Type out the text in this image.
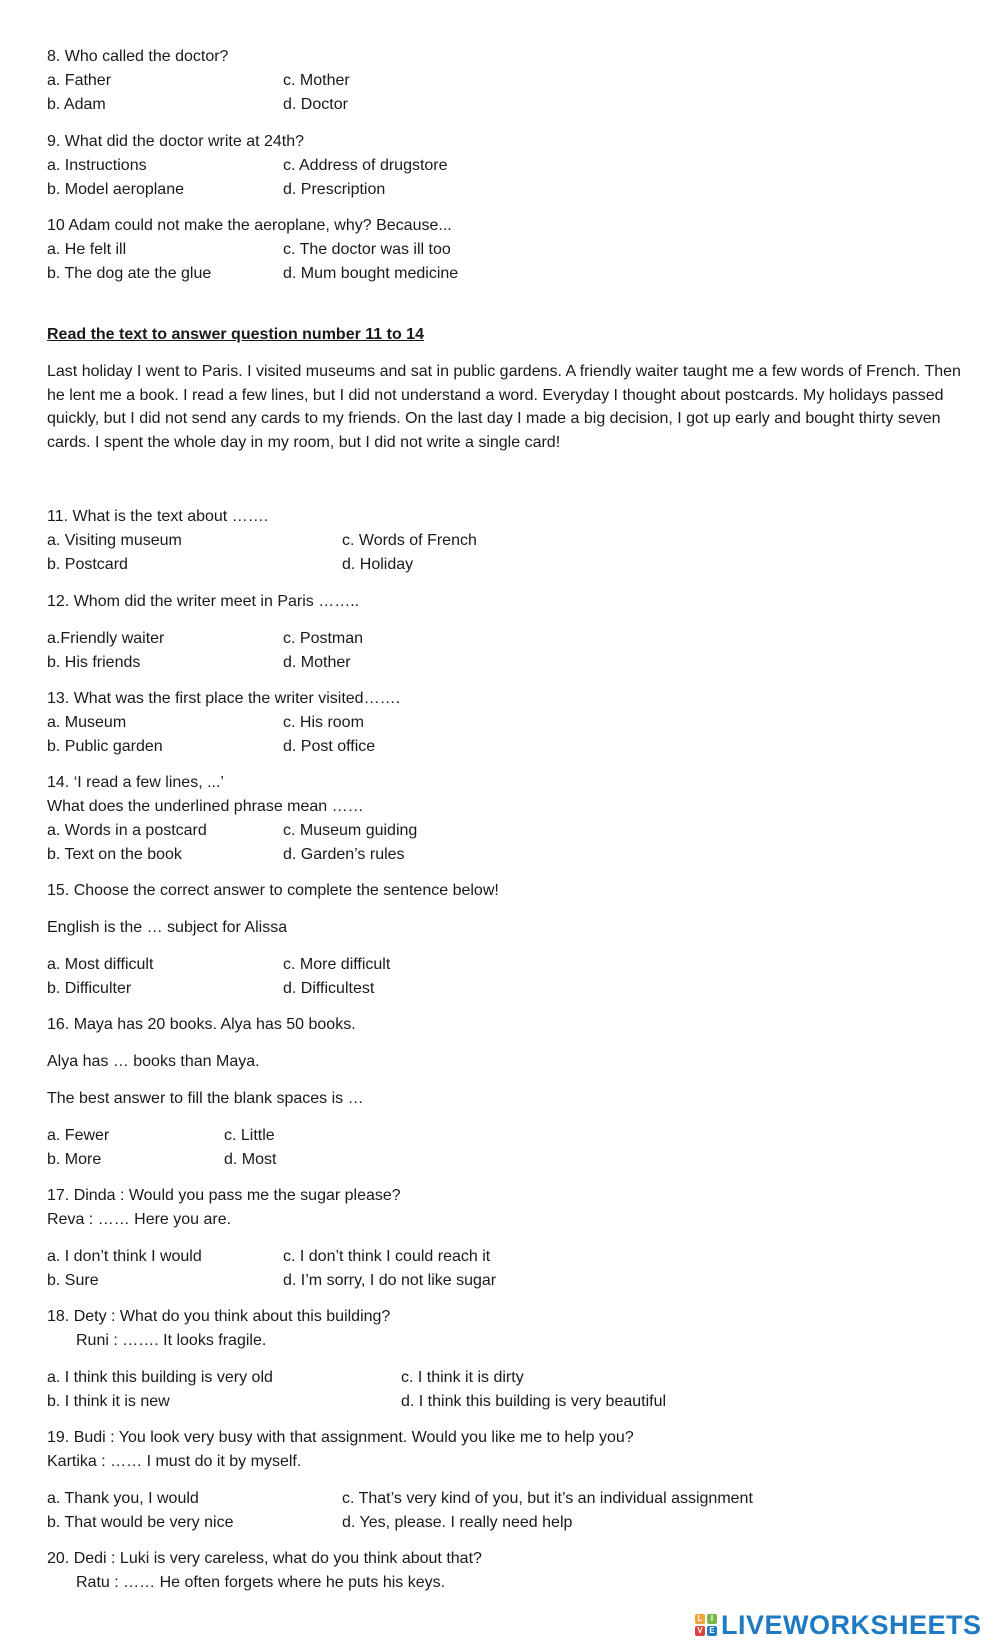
8. Who called the doctor?
a. Father	c. Mother
b. Adam	d. Doctor
9. What did the doctor write at 24th?
a. Instructions	c. Address of drugstore
b. Model aeroplane	d. Prescription
10 Adam could not make the aeroplane, why? Because...
a. He felt ill	c. The doctor was ill too
b. The dog ate the glue	d. Mum bought medicine
Read the text to answer question number 11 to 14
Last holiday I went to Paris. I visited museums and sat in public gardens. A friendly waiter taught me a few words of French. Then he lent me a book. I read a few lines, but I did not understand a word. Everyday I thought about postcards. My holidays passed quickly, but I did not send any cards to my friends. On the last day I made a big decision, I got up early and bought thirty seven cards. I spent the whole day in my room, but I did not write a single card!
11. What is the text about …….
a. Visiting museum	c. Words of French
b. Postcard	d. Holiday
12. Whom did the writer meet in Paris ……..
a.Friendly waiter	c. Postman
b. His friends	d. Mother
13. What was the first place the writer visited…….
a. Museum	c. His room
b. Public garden	d. Post office
14. ‘I read a few lines, ...’
What does the underlined phrase mean ……
a. Words in a postcard	c. Museum guiding
b. Text on the book	d. Garden’s rules
15. Choose the correct answer to complete the sentence below!
English is the … subject for Alissa
a. Most difficult	c. More difficult
b. Difficulter	d. Difficultest
16. Maya has 20 books. Alya has 50 books.
Alya has … books than Maya.
The best answer to fill the blank spaces is …
a. Fewer	c. Little
b. More	d. Most
17. Dinda : Would you pass me the sugar please?
Reva : …… Here you are.
a. I don’t think I would	c. I don’t think I could reach it
b. Sure	d. I’m sorry, I do not like sugar
18. Dety : What do you think about this building?
Runi : ……. It looks fragile.
a. I think this building is very old	c. I think it is dirty
b. I think it is new	d. I think this building is very beautiful
19. Budi : You look very busy with that assignment. Would you like me to help you?
Kartika : …… I must do it by myself.
a. Thank you, I would	c. That’s very kind of you, but it’s an individual assignment
b. That would be very nice	d. Yes, please. I really need help
20. Dedi : Luki is very careless, what do you think about that?
Ratu : …… He often forgets where he puts his keys.
L	I
V E LIVEWORKSHEETS
